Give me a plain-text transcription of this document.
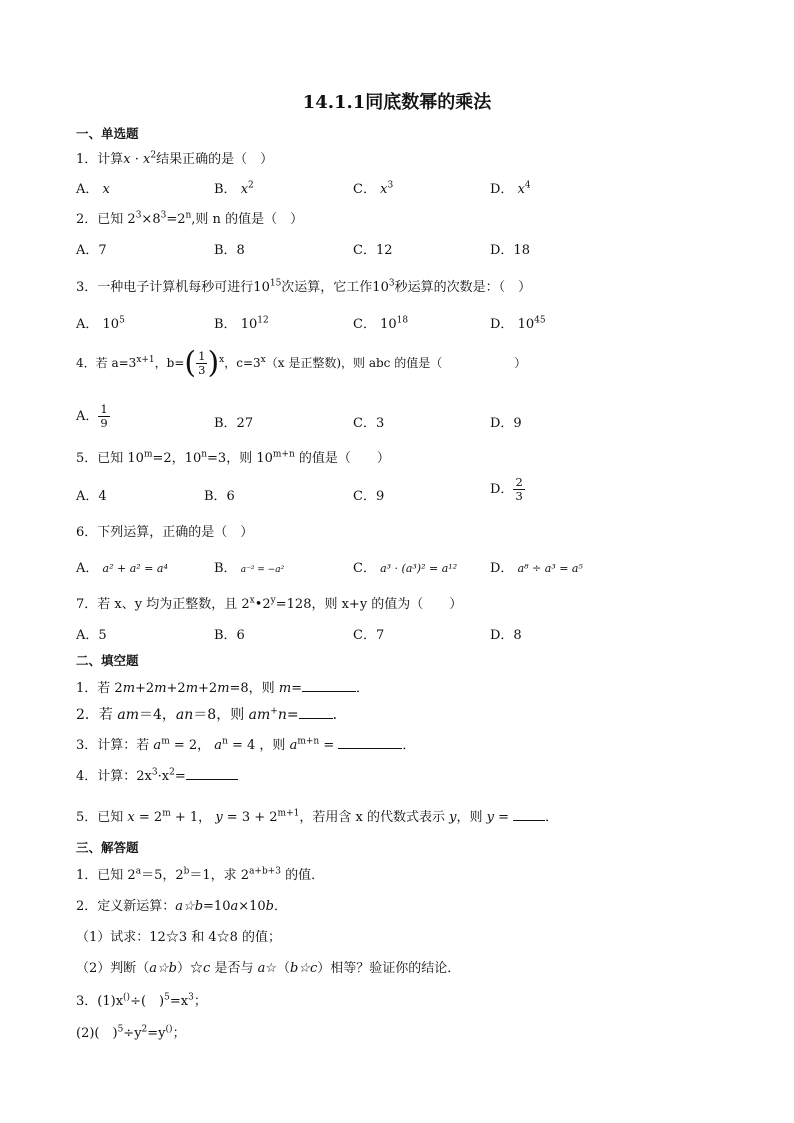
14.1.1同底数幂的乘法
一、单选题
1．计算$x \cdot x^2$结果正确的是（　）
A． x	B． $x^2$	C． $x^3$	D． $x^4$
2．已知 $2^3\times 8^3=2^n$,则 n 的值是（　）
A．7	B．8	C．12	D．18
3．一种电子计算机每秒可进行$10^{15}$次运算，它工作$10^3$秒运算的次数是：（　）
A． $10^5$	B． $10^{12}$	C． $10^{18}$	D． $10^{45}$
4．若 $a=3^{x+1}$，$b=( \frac{1}{3} )^x$，$c=3^x(x$ 是正整数)，则 abc 的值是（　　　　　　）
A． $\frac{1}{9}$	B．27	C．3	D．9
5．已知 $10^m=2$，$10^n=3$，则 $10^{m+n}$ 的值是（　　）
A．4	B．6	C．9	D． $\frac{2}{3}$
6．下列运算，正确的是（　）
A． a² + a² = a⁴	B． a⁻² = −a²	C． a³ · (a³)² = a¹²	D． a⁸ ÷ a³ = a⁵
7．若 x、y 均为正整数，且 $2^x•2^y=128$，则 x+y 的值为（　　）
A．5	B．6	C．7	D．8
二、填空题
1．若 2m+2m+2m+2m=8，则 m=	．
2．若 am＝4，an＝8，则 am+n= ．
3．计算：若 $a^m = 2$， $a^n = 4$ ，则 $a^{m+n}$ =	．
4．计算：$2x^3\cdot x^2=$
5．已知 $x = 2^m + 1$， $y = 3 + 2^{m+1}$，若用含 x 的代数式表示 y，则 y = ．
三、解答题
1．已知 $2^a=5$，$2^b=1$，求 $2^{a+b+3}$ 的值．
2．定义新运算：a☆b=10a×10b．
（1）试求：12☆3 和 4☆8 的值；
（2）判断（a☆b）☆c 是否与 a☆（b☆c）相等？验证你的结论．
3．(1)x()÷(　)$^5=x^3$；
(2)(　)$^5\div y^2=y^{()}$；
